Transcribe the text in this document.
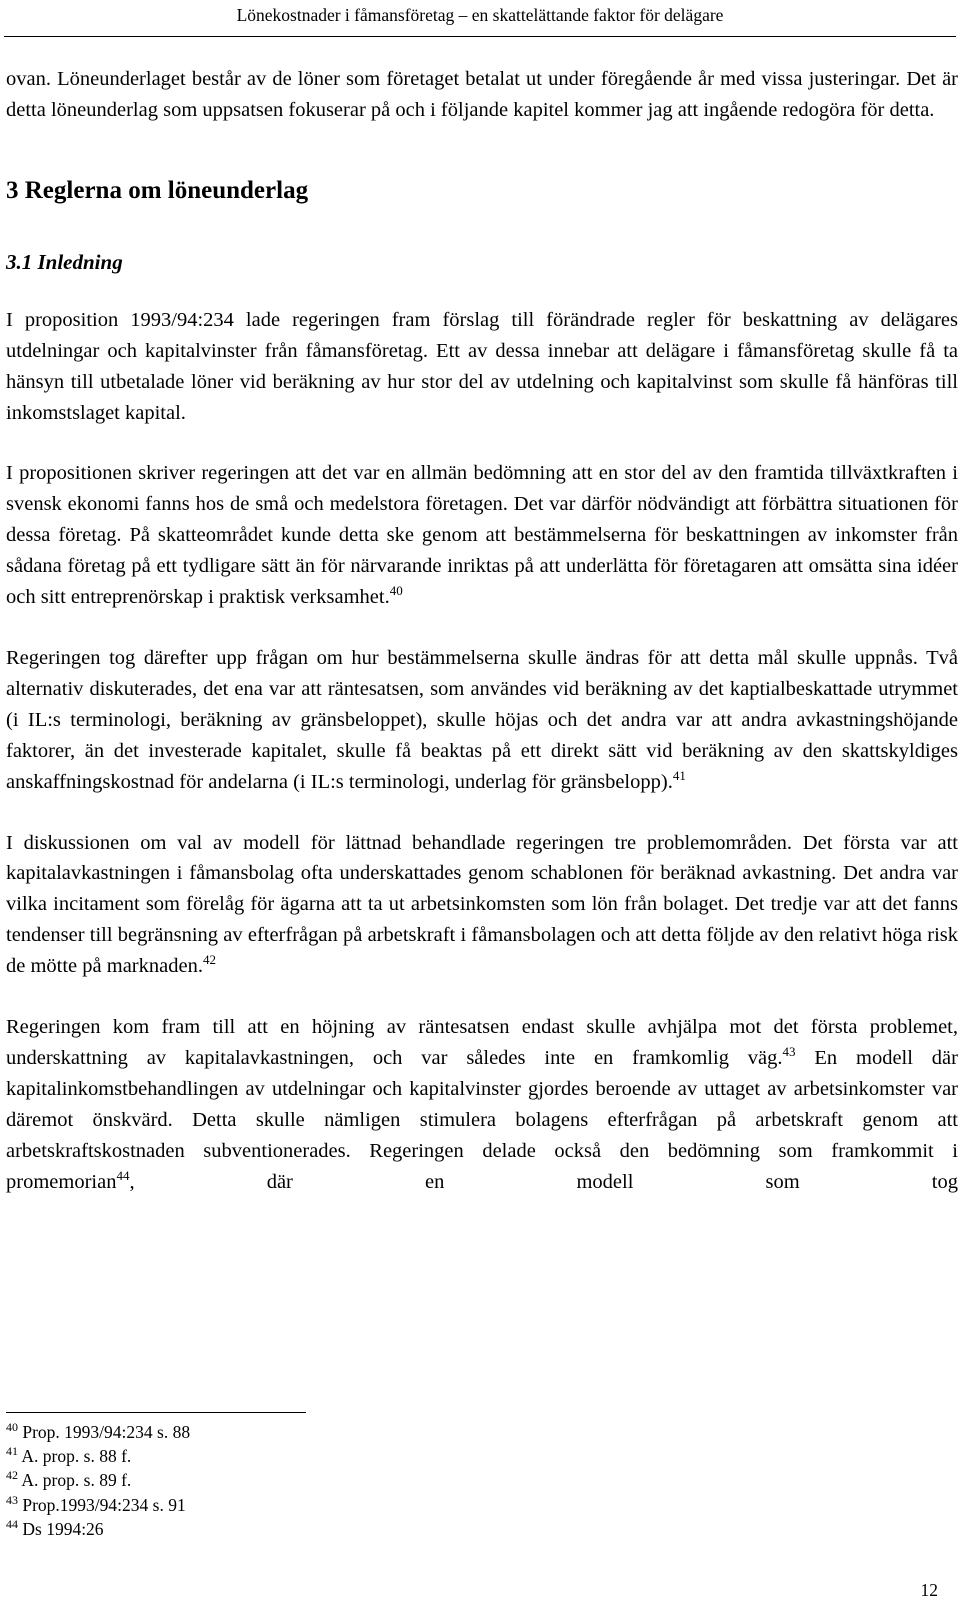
Lönekostnader i fåmansföretag – en skattelättande faktor för delägare

ovan. Löneunderlaget består av de löner som företaget betalat ut under föregående år med vissa justeringar. Det är detta löneunderlag som uppsatsen fokuserar på och i följande kapitel kommer jag att ingående redogöra för detta.

3 Reglerna om löneunderlag
3.1 Inledning

I proposition 1993/94:234 lade regeringen fram förslag till förändrade regler för beskattning av delägares utdelningar och kapitalvinster från fåmansföretag. Ett av dessa innebar att delägare i fåmansföretag skulle få ta hänsyn till utbetalade löner vid beräkning av hur stor del av utdelning och kapitalvinst som skulle få hänföras till inkomstslaget kapital.

I propositionen skriver regeringen att det var en allmän bedömning att en stor del av den framtida tillväxtkraften i svensk ekonomi fanns hos de små och medelstora företagen. Det var därför nödvändigt att förbättra situationen för dessa företag. På skatteområdet kunde detta ske genom att bestämmelserna för beskattningen av inkomster från sådana företag på ett tydligare sätt än för närvarande inriktas på att underlätta för företagaren att omsätta sina idéer och sitt entreprenörskap i praktisk verksamhet.$^{40}$

Regeringen tog därefter upp frågan om hur bestämmelserna skulle ändras för att detta mål skulle uppnås. Två alternativ diskuterades, det ena var att räntesatsen, som användes vid beräkning av det kaptialbeskattade utrymmet (i IL:s terminologi, beräkning av gränsbeloppet), skulle höjas och det andra var att andra avkastningshöjande faktorer, än det investerade kapitalet, skulle få beaktas på ett direkt sätt vid beräkning av den skattskyldiges anskaffningskostnad för andelarna (i IL:s terminologi, underlag för gränsbelopp).$^{41}$

I diskussionen om val av modell för lättnad behandlade regeringen tre problemområden. Det första var att kapitalavkastningen i fåmansbolag ofta underskattades genom schablonen för beräknad avkastning. Det andra var vilka incitament som förelåg för ägarna att ta ut arbetsinkomsten som lön från bolaget. Det tredje var att det fanns tendenser till begränsning av efterfrågan på arbetskraft i fåmansbolagen och att detta följde av den relativt höga risk de mötte på marknaden.$^{42}$

Regeringen kom fram till att en höjning av räntesatsen endast skulle avhjälpa mot det första problemet, underskattning av kapitalavkastningen, och var således inte en framkomlig väg.$^{43}$ En modell där kapitalinkomstbehandlingen av utdelningar och kapitalvinster gjordes beroende av uttaget av arbetsinkomster var däremot önskvärd. Detta skulle nämligen stimulera bolagens efterfrågan på arbetskraft genom att arbetskraftskostnaden subventionerades. Regeringen delade också den bedömning som framkommit i promemorian$^{44}$, där en modell som tog

$^{40}$ Prop. 1993/94:234 s. 88
$^{41}$ A. prop. s. 88 f.
$^{42}$ A. prop. s. 89 f.
$^{43}$ Prop.1993/94:234 s. 91
$^{44}$ Ds 1994:26
12
